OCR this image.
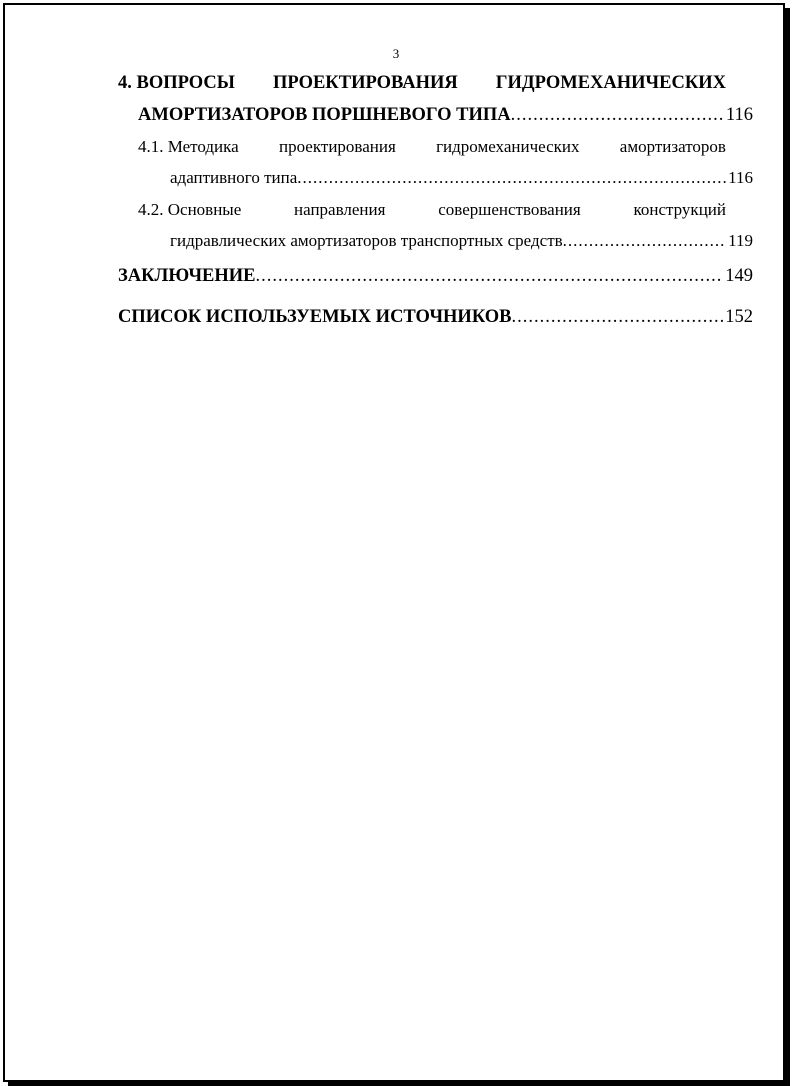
3
4. ВОПРОСЫ ПРОЕКТИРОВАНИЯ ГИДРОМЕХАНИЧЕСКИХ
АМОРТИЗАТОРОВ ПОРШНЕВОГО ТИПА .....	116
4.1. Методика проектирования гидромеханических амортизаторов
адаптивного типа .....	116
4.2. Основные	направления	совершенствования	конструкций
гидравлических амортизаторов транспортных средств .....	119
ЗАКЛЮЧЕНИЕ .....	149
СПИСОК ИСПОЛЬЗУЕМЫХ ИСТОЧНИКОВ .....	152
